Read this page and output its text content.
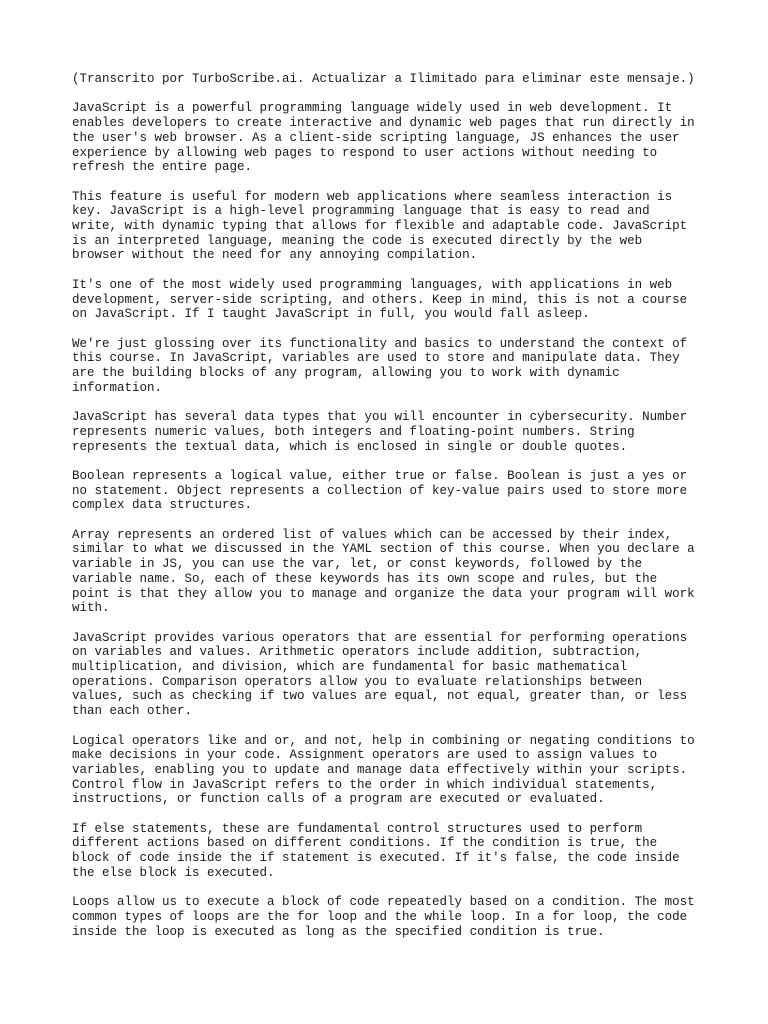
(Transcrito por TurboScribe.ai. Actualizar a Ilimitado para eliminar este mensaje.)

JavaScript is a powerful programming language widely used in web development. It
enables developers to create interactive and dynamic web pages that run directly in
the user's web browser. As a client-side scripting language, JS enhances the user
experience by allowing web pages to respond to user actions without needing to
refresh the entire page.

This feature is useful for modern web applications where seamless interaction is
key. JavaScript is a high-level programming language that is easy to read and
write, with dynamic typing that allows for flexible and adaptable code. JavaScript
is an interpreted language, meaning the code is executed directly by the web
browser without the need for any annoying compilation.

It's one of the most widely used programming languages, with applications in web
development, server-side scripting, and others. Keep in mind, this is not a course
on JavaScript. If I taught JavaScript in full, you would fall asleep.

We're just glossing over its functionality and basics to understand the context of
this course. In JavaScript, variables are used to store and manipulate data. They
are the building blocks of any program, allowing you to work with dynamic
information.

JavaScript has several data types that you will encounter in cybersecurity. Number
represents numeric values, both integers and floating-point numbers. String
represents the textual data, which is enclosed in single or double quotes.

Boolean represents a logical value, either true or false. Boolean is just a yes or
no statement. Object represents a collection of key-value pairs used to store more
complex data structures.

Array represents an ordered list of values which can be accessed by their index,
similar to what we discussed in the YAML section of this course. When you declare a
variable in JS, you can use the var, let, or const keywords, followed by the
variable name. So, each of these keywords has its own scope and rules, but the
point is that they allow you to manage and organize the data your program will work
with.

JavaScript provides various operators that are essential for performing operations
on variables and values. Arithmetic operators include addition, subtraction,
multiplication, and division, which are fundamental for basic mathematical
operations. Comparison operators allow you to evaluate relationships between
values, such as checking if two values are equal, not equal, greater than, or less
than each other.

Logical operators like and or, and not, help in combining or negating conditions to
make decisions in your code. Assignment operators are used to assign values to
variables, enabling you to update and manage data effectively within your scripts.
Control flow in JavaScript refers to the order in which individual statements,
instructions, or function calls of a program are executed or evaluated.

If else statements, these are fundamental control structures used to perform
different actions based on different conditions. If the condition is true, the
block of code inside the if statement is executed. If it's false, the code inside
the else block is executed.

Loops allow us to execute a block of code repeatedly based on a condition. The most
common types of loops are the for loop and the while loop. In a for loop, the code
inside the loop is executed as long as the specified condition is true.
